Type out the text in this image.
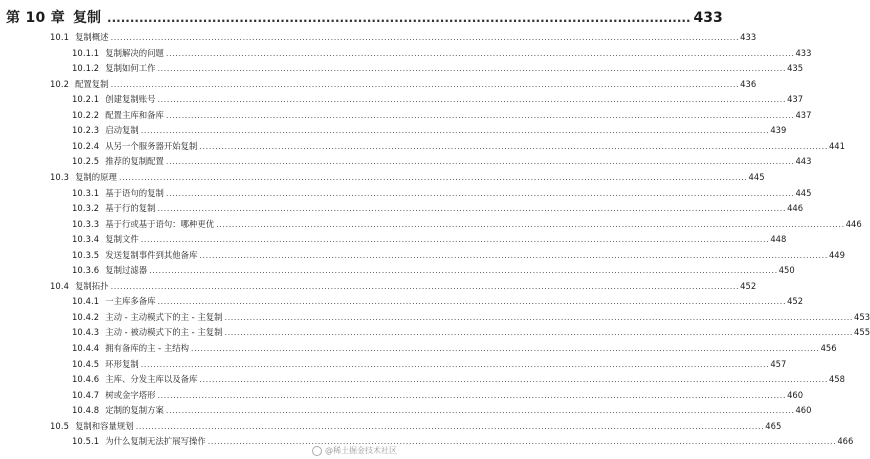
第 10 章 复制 ................................................................................................................................ 433
10.1 复制概述 ........................................................................................................................................................................................................ 433
10.1.1 复制解决的问题 ........................................................................................................................................................................................................ 433
10.1.2 复制如何工作 ........................................................................................................................................................................................................ 435
10.2 配置复制 ........................................................................................................................................................................................................ 436
10.2.1 创建复制账号 ........................................................................................................................................................................................................ 437
10.2.2 配置主库和备库 ........................................................................................................................................................................................................ 437
10.2.3 启动复制 ........................................................................................................................................................................................................ 439
10.2.4 从另一个服务器开始复制 ........................................................................................................................................................................................................ 441
10.2.5 推荐的复制配置 ........................................................................................................................................................................................................ 443
10.3 复制的原理 ........................................................................................................................................................................................................ 445
10.3.1 基于语句的复制 ........................................................................................................................................................................................................ 445
10.3.2 基于行的复制 ........................................................................................................................................................................................................ 446
10.3.3 基于行或基于语句：哪种更优 ........................................................................................................................................................................................................ 446
10.3.4 复制文件 ........................................................................................................................................................................................................ 448
10.3.5 发送复制事件到其他备库 ........................................................................................................................................................................................................ 449
10.3.6 复制过滤器 ........................................................................................................................................................................................................ 450
10.4 复制拓扑 ........................................................................................................................................................................................................ 452
10.4.1 一主库多备库 ........................................................................................................................................................................................................ 452
10.4.2 主动 - 主动模式下的主 - 主复制 ........................................................................................................................................................................................................ 453
10.4.3 主动 - 被动模式下的主 - 主复制 ........................................................................................................................................................................................................ 455
10.4.4 拥有备库的主 - 主结构 ........................................................................................................................................................................................................ 456
10.4.5 环形复制 ........................................................................................................................................................................................................ 457
10.4.6 主库、分发主库以及备库 ........................................................................................................................................................................................................ 458
10.4.7 树或金字塔形 ........................................................................................................................................................................................................ 460
10.4.8 定制的复制方案 ........................................................................................................................................................................................................ 460
10.5 复制和容量规划 ........................................................................................................................................................................................................ 465
10.5.1 为什么复制无法扩展写操作 ........................................................................................................................................................................................................ 466
@稀土掘金技术社区
